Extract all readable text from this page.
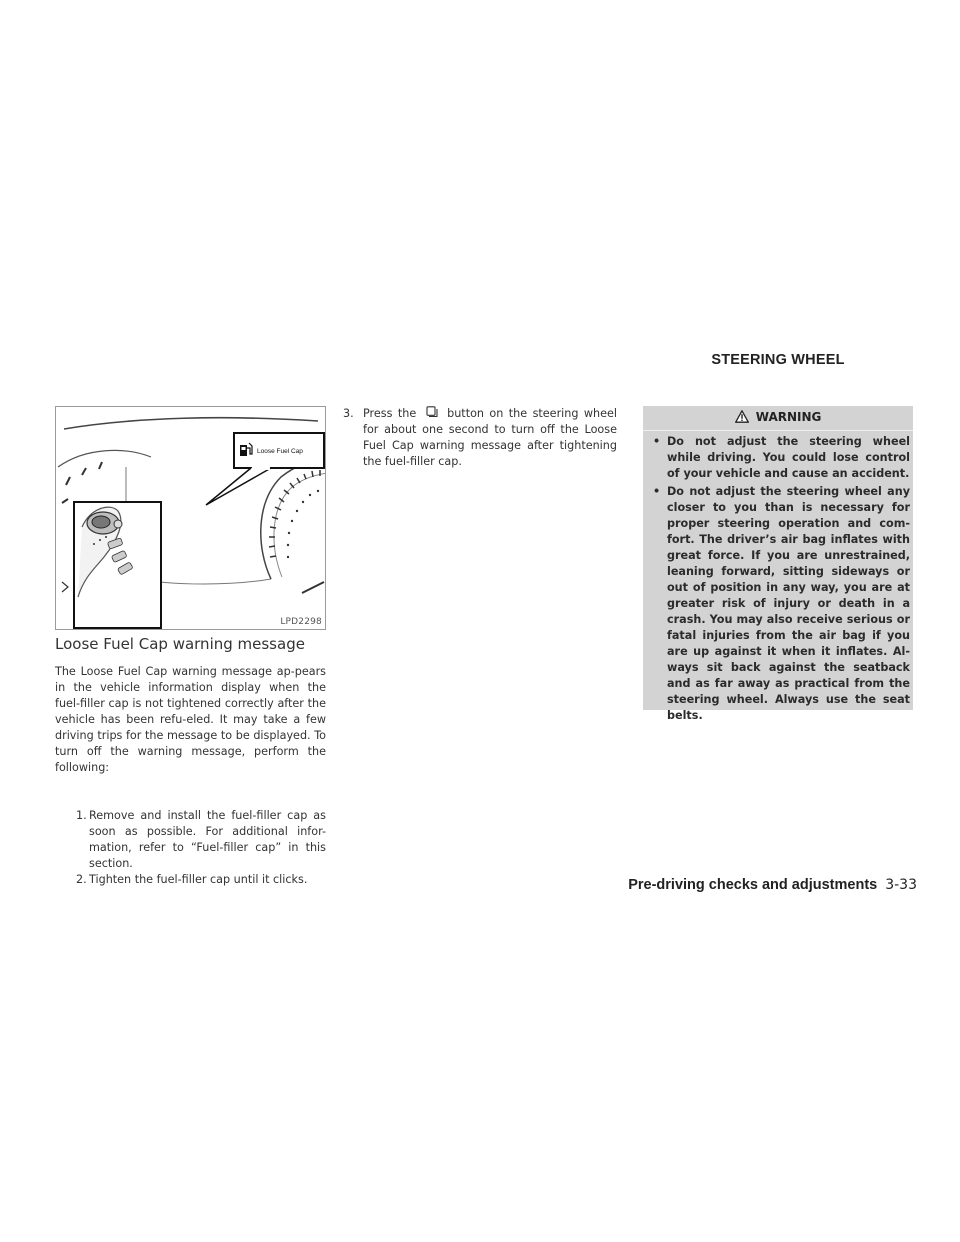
Loose Fuel Cap
LPD2298
Loose Fuel Cap warning message
The Loose Fuel Cap warning message ap-pears in the vehicle information display when the fuel-filler cap is not tightened correctly after the vehicle has been refu-eled. It may take a few driving trips for the message to be displayed. To turn off the warning message, perform the following:
1. Remove and install the fuel-filler cap as soon as possible. For additional infor-mation, refer to “Fuel-filler cap” in this section.
2. Tighten the fuel-filler cap until it clicks.
3. Press the	button on the steering wheel for about one second to turn off the Loose Fuel Cap warning message after tightening the fuel-filler cap.
STEERING WHEEL
WARNING
• Do not adjust the steering wheel while driving. You could lose control of your vehicle and cause an accident.
• Do not adjust the steering wheel any closer to you than is necessary for proper steering operation and com-fort. The driver’s air bag inflates with great force. If you are unrestrained, leaning forward, sitting sideways or out of position in any way, you are at greater risk of injury or death in a crash. You may also receive serious or fatal injuries from the air bag if you are up against it when it inflates. Al-ways sit back against the seatback and as far away as practical from the steering wheel. Always use the seat belts.
Pre-driving checks and adjustments 3-33
